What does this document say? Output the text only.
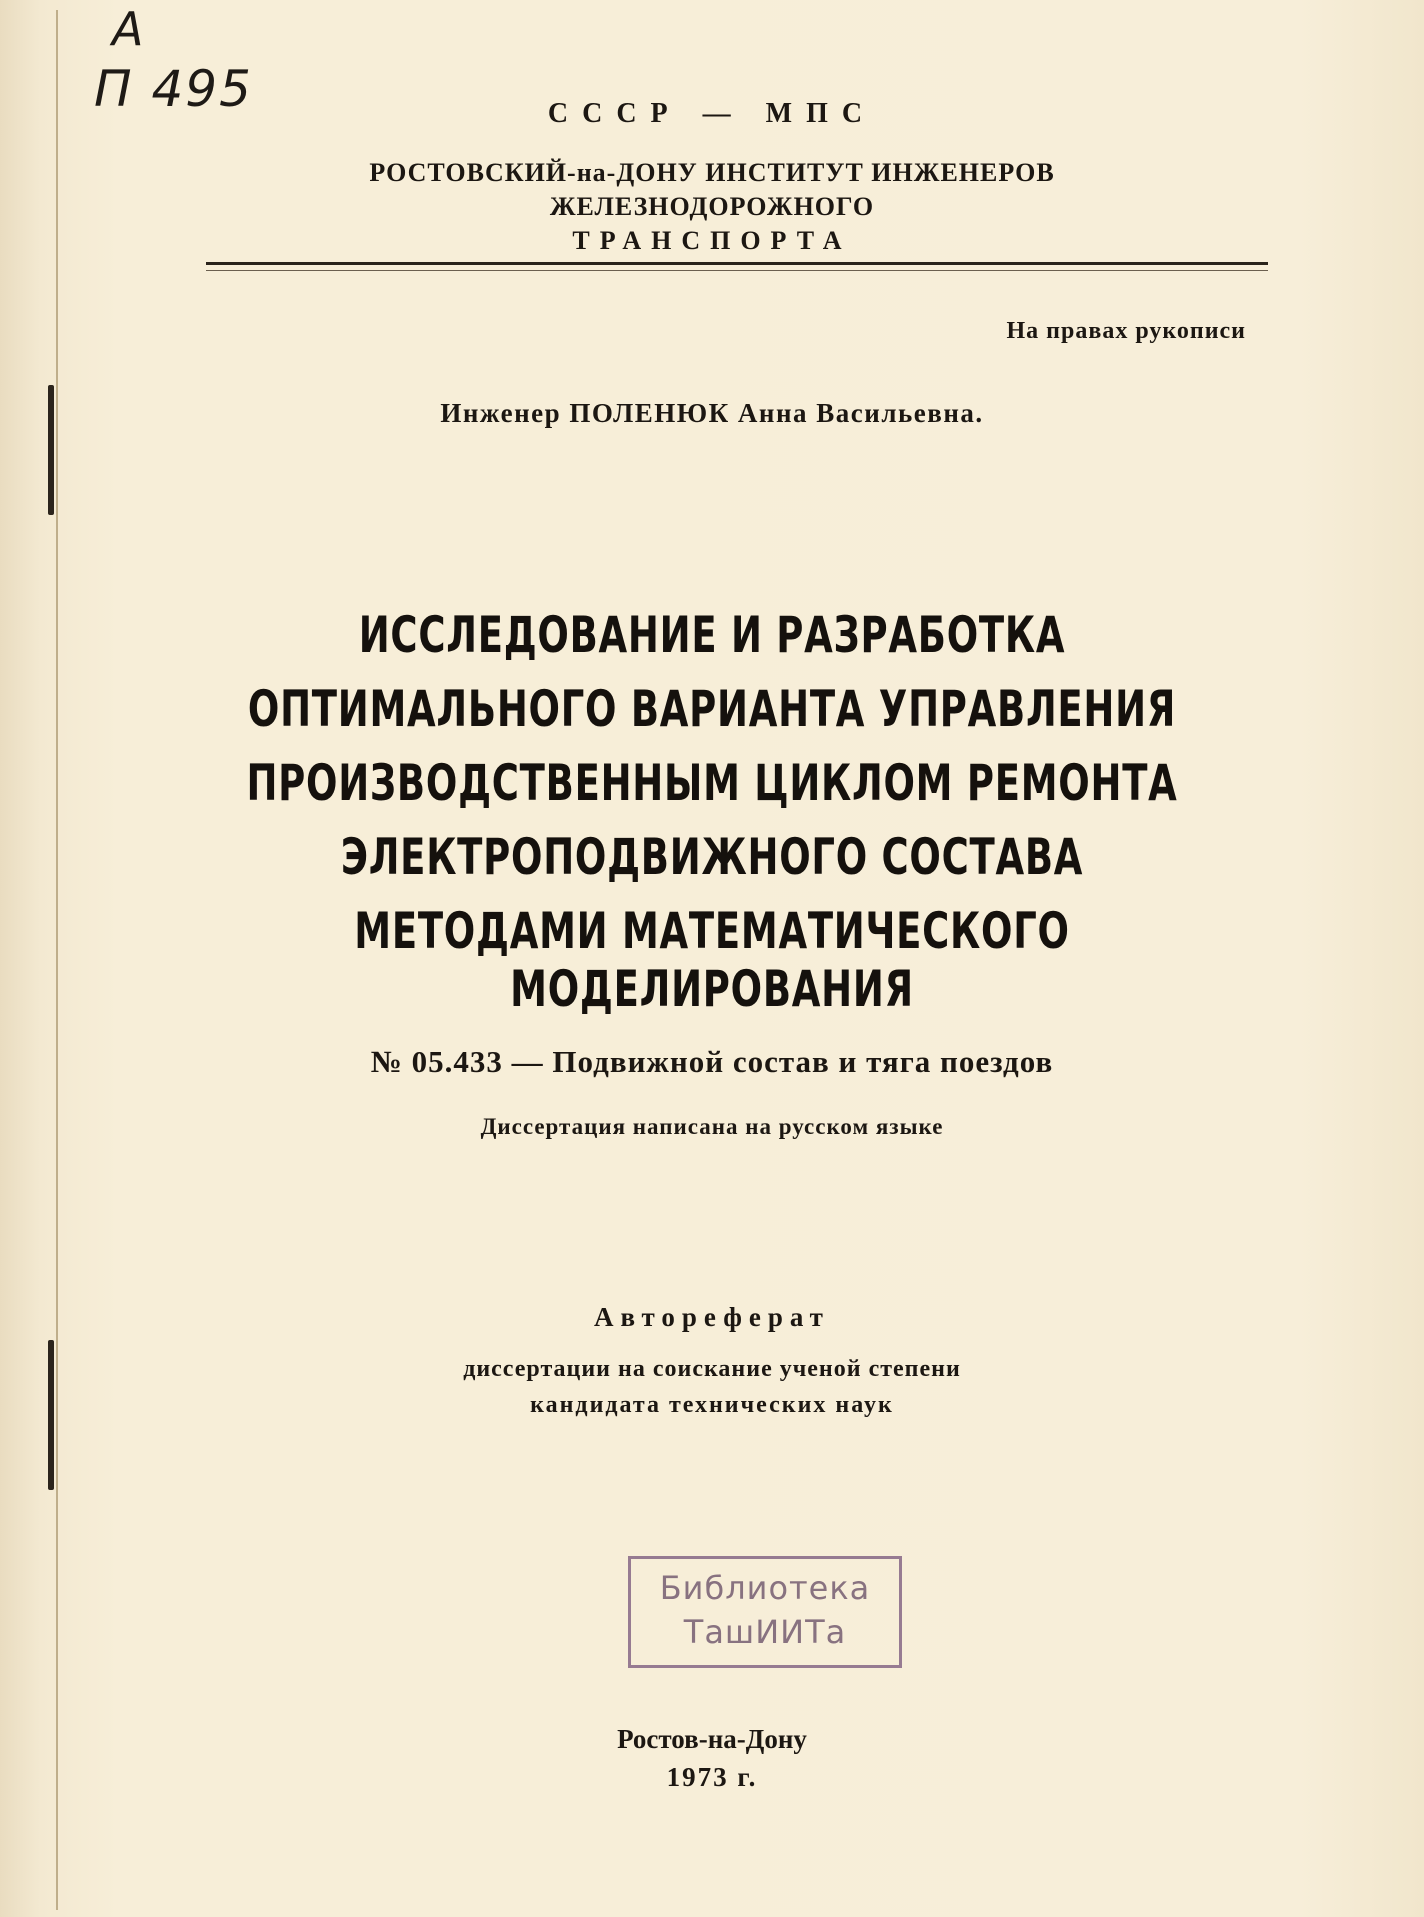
А
П 495	СССР — МПС
РОСТОВСКИЙ-на-ДОНУ ИНСТИТУТ ИНЖЕНЕРОВ
ЖЕЛЕЗНОДОРОЖНОГО
ТРАНСПОРТА
На правах рукописи
Инженер ПОЛЕНЮК Анна Васильевна.
ИССЛЕДОВАНИЕ И РАЗРАБОТКА
ОПТИМАЛЬНОГО ВАРИАНТА УПРАВЛЕНИЯ
ПРОИЗВОДСТВЕННЫМ ЦИКЛОМ РЕМОНТА
ЭЛЕКТРОПОДВИЖНОГО СОСТАВА
МЕТОДАМИ МАТЕМАТИЧЕСКОГО МОДЕЛИРОВАНИЯ
№ 05.433 — Подвижной состав и тяга поездов
Диссертация написана на русском языке
Автореферат
диссертации на соискание ученой степени
кандидата технических наук
Библиотека
ТашИИТа
Ростов-на-Дону
1973 г.
